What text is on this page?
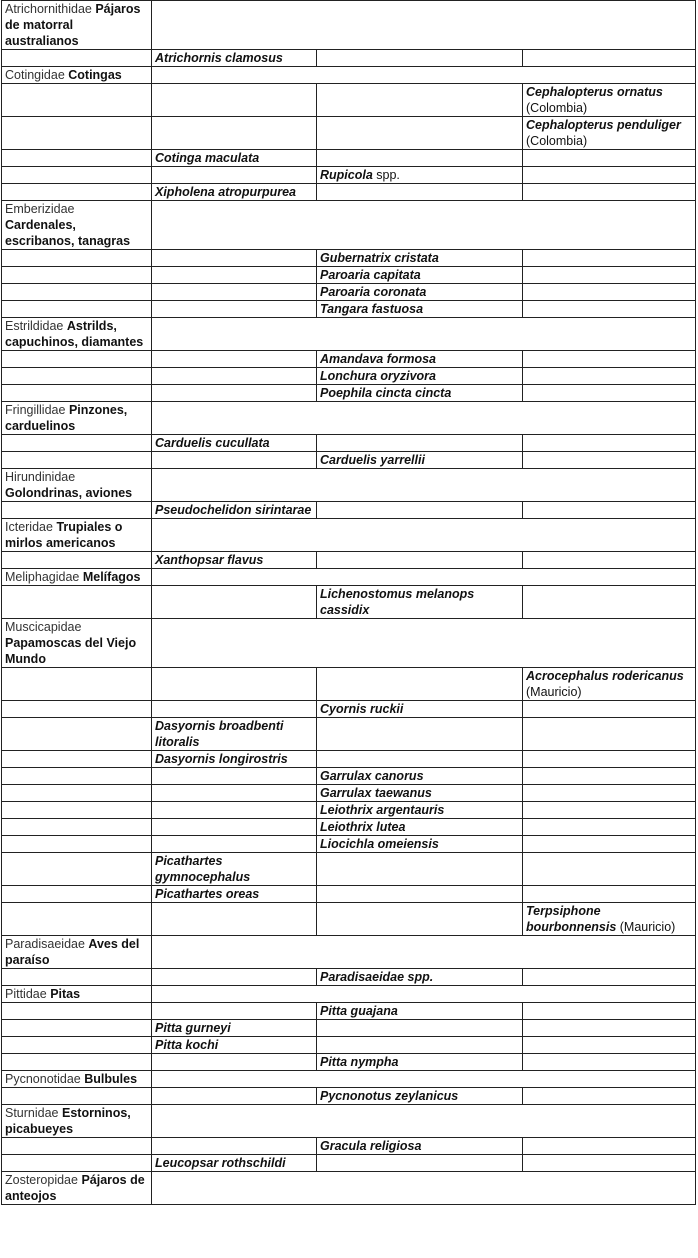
Atrichornithidae Pájaros de matorral australianos			
	Atrichornis clamosus		
Cotingidae Cotingas			
			Cephalopterus ornatus (Colombia)
			Cephalopterus penduliger (Colombia)
	Cotinga maculata		
		Rupicola spp.	
	Xipholena atropurpurea		
Emberizidae Cardenales, escribanos, tanagras			
		Gubernatrix cristata	
		Paroaria capitata	
		Paroaria coronata	
		Tangara fastuosa	
Estrildidae Astrilds, capuchinos, diamantes			
		Amandava formosa	
		Lonchura oryzivora	
		Poephila cincta cincta	
Fringillidae Pinzones, carduelinos			
	Carduelis cucullata		
		Carduelis yarrellii	
Hirundinidae Golondrinas, aviones			
	Pseudochelidon sirintarae		
Icteridae Trupiales o mirlos americanos			
	Xanthopsar flavus		
Meliphagidae Melífagos			
		Lichenostomus melanops cassidix	
Muscicapidae Papamoscas del Viejo Mundo			
			Acrocephalus rodericanus (Mauricio)
		Cyornis ruckii	
	Dasyornis broadbenti litoralis		
	Dasyornis longirostris		
		Garrulax canorus	
		Garrulax taewanus	
		Leiothrix argentauris	
		Leiothrix lutea	
		Liocichla omeiensis	
	Picathartes gymnocephalus		
	Picathartes oreas		
			Terpsiphone bourbonnensis (Mauricio)
Paradisaeidae Aves del paraíso			
		Paradisaeidae spp.	
Pittidae Pitas			
		Pitta guajana	
	Pitta gurneyi		
	Pitta kochi		
		Pitta nympha	
Pycnonotidae Bulbules			
		Pycnonotus zeylanicus	
Sturnidae Estorninos, picabueyes			
		Gracula religiosa	
	Leucopsar rothschildi		
Zosteropidae Pájaros de anteojos			
